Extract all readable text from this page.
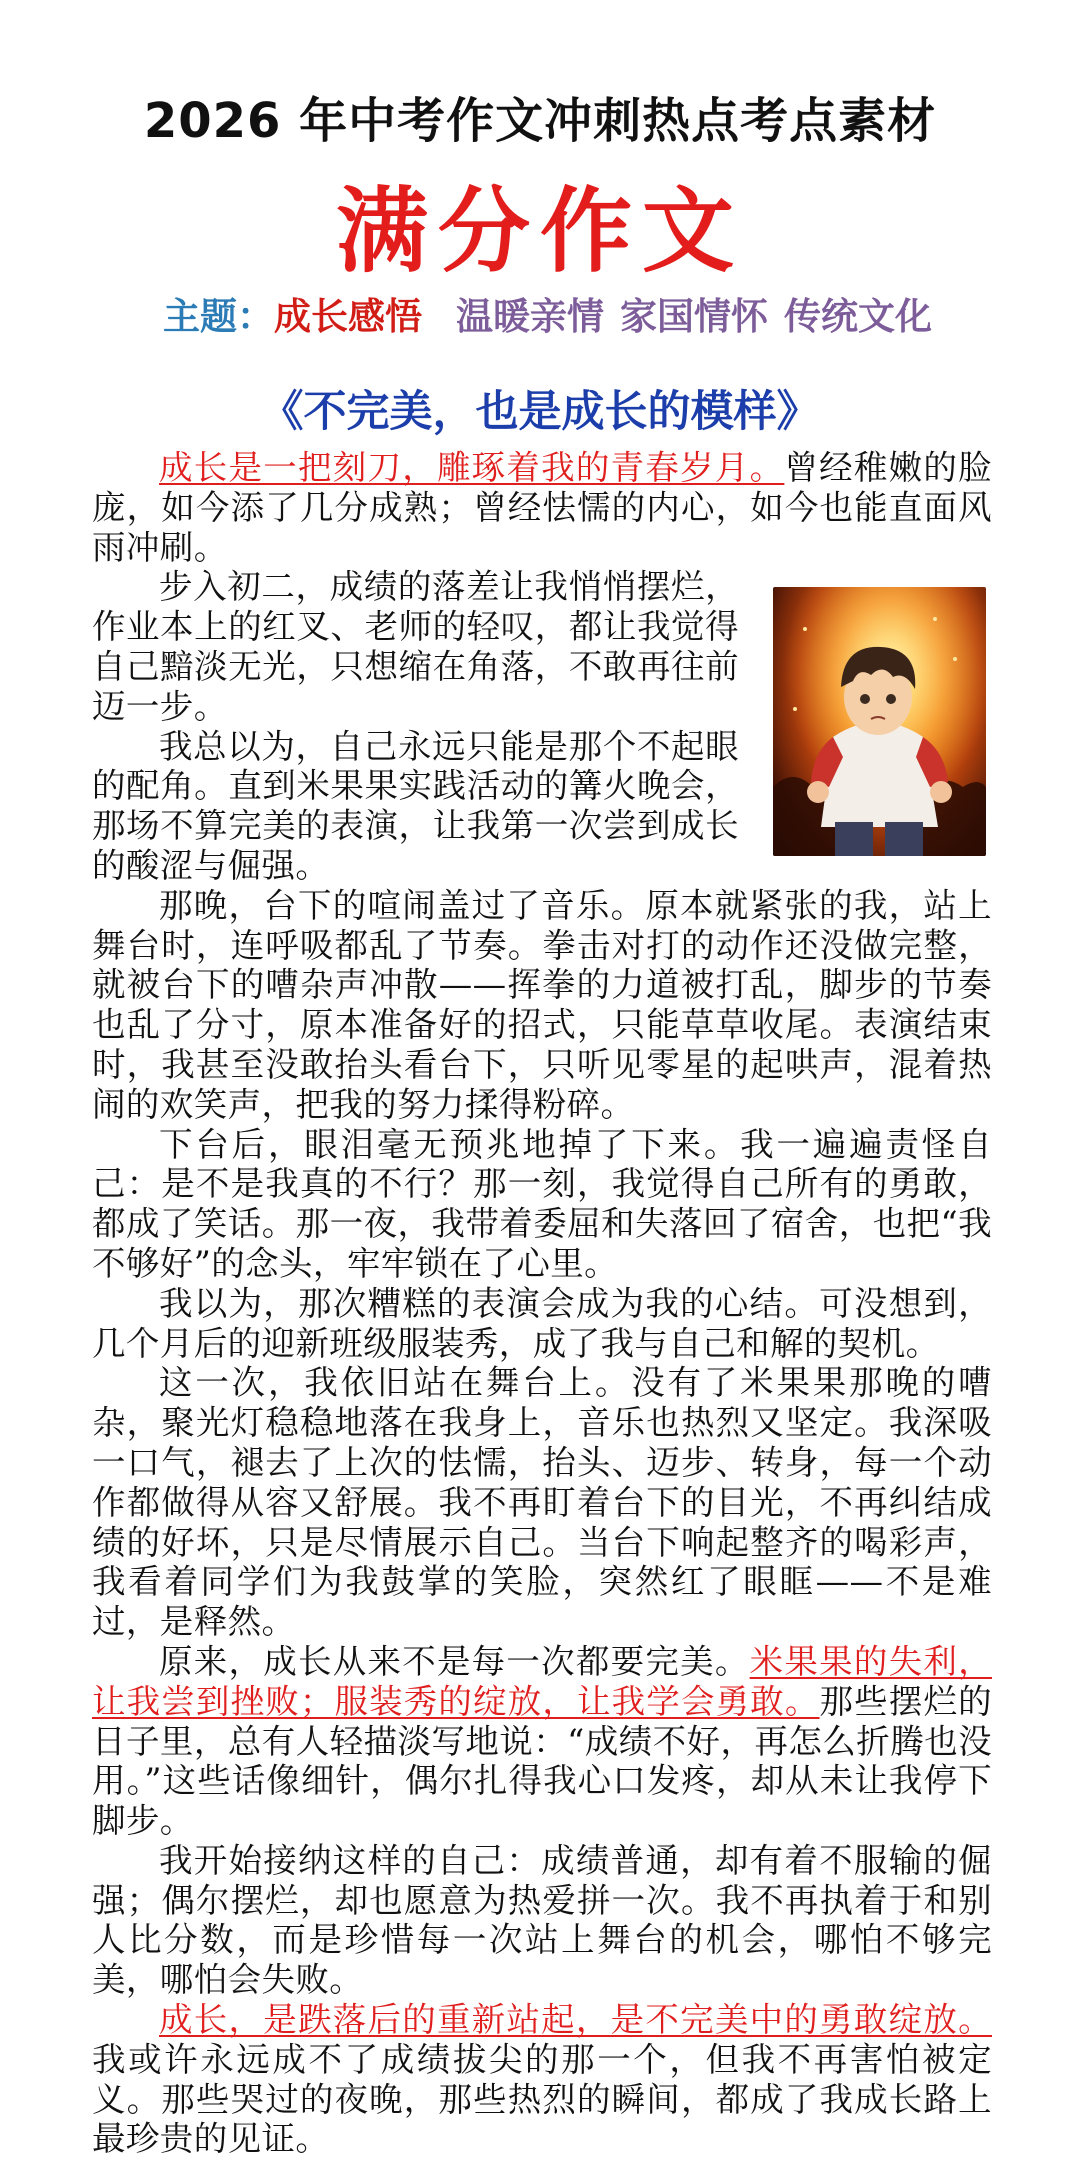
2026 年中考作文冲刺热点考点素材
满分作文
主题：成长感悟 温暖亲情 家国情怀 传统文化
《不完美，也是成长的模样》

成长是一把刻刀，雕琢着我的青春岁月。曾经稚嫩的脸庞，如今添了几分成熟；曾经怯懦的内心，如今也能直面风雨冲刷。

步入初二，成绩的落差让我悄悄摆烂，作业本上的红叉、老师的轻叹，都让我觉得自己黯淡无光，只想缩在角落，不敢再往前迈一步。

我总以为，自己永远只能是那个不起眼的配角。直到米果果实践活动的篝火晚会，那场不算完美的表演，让我第一次尝到成长的酸涩与倔强。

那晚，台下的喧闹盖过了音乐。原本就紧张的我，站上舞台时，连呼吸都乱了节奏。拳击对打的动作还没做完整，就被台下的嘈杂声冲散——挥拳的力道被打乱，脚步的节奏也乱了分寸，原本准备好的招式，只能草草收尾。表演结束时，我甚至没敢抬头看台下，只听见零星的起哄声，混着热闹的欢笑声，把我的努力揉得粉碎。

下台后，眼泪毫无预兆地掉了下来。我一遍遍责怪自己：是不是我真的不行？那一刻，我觉得自己所有的勇敢，都成了笑话。那一夜，我带着委屈和失落回了宿舍，也把“我不够好”的念头，牢牢锁在了心里。

我以为，那次糟糕的表演会成为我的心结。可没想到，几个月后的迎新班级服装秀，成了我与自己和解的契机。

这一次，我依旧站在舞台上。没有了米果果那晚的嘈杂，聚光灯稳稳地落在我身上，音乐也热烈又坚定。我深吸一口气，褪去了上次的怯懦，抬头、迈步、转身，每一个动作都做得从容又舒展。我不再盯着台下的目光，不再纠结成绩的好坏，只是尽情展示自己。当台下响起整齐的喝彩声，我看着同学们为我鼓掌的笑脸，突然红了眼眶——不是难过，是释然。

原来，成长从来不是每一次都要完美。米果果的失利，让我尝到挫败；服装秀的绽放，让我学会勇敢。那些摆烂的日子里，总有人轻描淡写地说：“成绩不好，再怎么折腾也没用。”这些话像细针，偶尔扎得我心口发疼，却从未让我停下脚步。

我开始接纳这样的自己：成绩普通，却有着不服输的倔强；偶尔摆烂，却也愿意为热爱拼一次。我不再执着于和别人比分数，而是珍惜每一次站上舞台的机会，哪怕不够完美，哪怕会失败。

成长，是跌落后的重新站起，是不完美中的勇敢绽放。我或许永远成不了成绩拔尖的那一个，但我不再害怕被定义。那些哭过的夜晚，那些热烈的瞬间，都成了我成长路上最珍贵的见证。
